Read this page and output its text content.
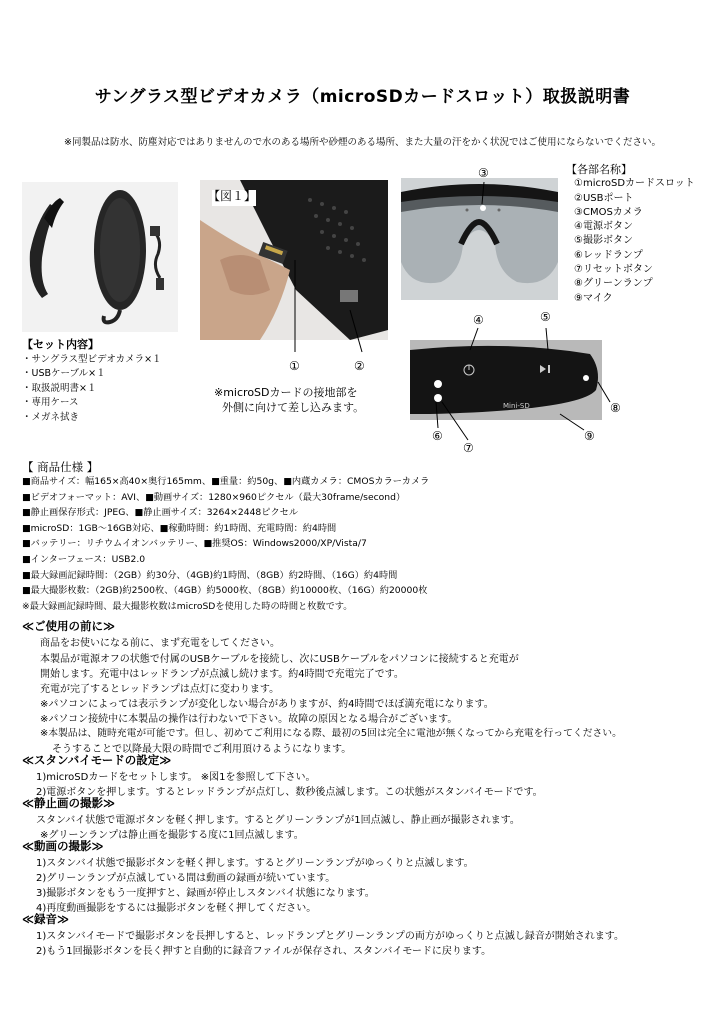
サングラス型ビデオカメラ（microSDカードスロット）取扱説明書
※同製品は防水、防塵対応ではありませんので水のある場所や砂煙のある場所、また大量の汗をかく状況ではご使用にならないでください。
【セット内容】
・サングラス型ビデオカメラ×１
・USBケーブル×１
・取扱説明書×１
・専用ケース
・メガネ拭き
【図１】
①	②
※microSDカードの接地部を
外側に向けて差し込みます。
③	【各部名称】
①microSDカードスロット
②USBポート
③CMOSカメラ
④電源ボタン
⑤撮影ボタン
⑥レッドランプ
⑦リセットボタン
⑧グリーンランプ
⑨マイク
Mini-SD
④	⑤
⑥
⑦
⑧
⑨
【 商品仕様 】
■商品サイズ：幅165×高40×奥行165mm、■重量：約50g、■内蔵カメラ：CMOSカラーカメラ
■ビデオフォーマット：AVI、■動画サイズ：1280×960ピクセル（最大30frame/second）
■静止画保存形式：JPEG、■静止画サイズ：3264×2448ピクセル
■microSD：1GB〜16GB対応、■稼動時間：約1時間、充電時間：約4時間
■バッテリー：リチウムイオンバッテリー、■推奨OS：Windows2000/XP/Vista/7
■インターフェース：USB2.0
■最大録画記録時間：（2GB）約30分、（4GB)約1時間、（8GB）約2時間、（16G）約4時間
■最大撮影枚数：（2GB)約2500枚、（4GB）約5000枚、（8GB）約10000枚、（16G）約20000枚
※最大録画記録時間、最大撮影枚数はmicroSDを使用した時の時間と枚数です。
≪ご使用の前に≫
商品をお使いになる前に、まず充電をしてください。
本製品が電源オフの状態で付属のUSBケーブルを接続し、次にUSBケーブルをパソコンに接続すると充電が
開始します。充電中はレッドランプが点滅し続けます。約4時間で充電完了です。
充電が完了するとレッドランプは点灯に変わります。
※パソコンによっては表示ランプが変化しない場合がありますが、約4時間でほぼ満充電になります。
※パソコン接続中に本製品の操作は行わないで下さい。故障の原因となる場合がございます。
※本製品は、随時充電が可能です。但し、初めてご利用になる際、最初の5回は完全に電池が無くなってから充電を行ってください。
そうすることで以降最大限の時間でご利用頂けるようになります。
≪スタンバイモードの設定≫
1)microSDカードをセットします。 ※図1を参照して下さい。
2)電源ボタンを押します。するとレッドランプが点灯し、数秒後点滅します。この状態がスタンバイモードです。
≪静止画の撮影≫
スタンバイ状態で電源ボタンを軽く押します。するとグリーンランプが1回点滅し、静止画が撮影されます。
※グリーンランプは静止画を撮影する度に1回点滅します。
≪動画の撮影≫
1)スタンバイ状態で撮影ボタンを軽く押します。するとグリーンランプがゆっくりと点滅します。
2)グリーンランプが点滅している間は動画の録画が続いています。
3)撮影ボタンをもう一度押すと、録画が停止しスタンバイ状態になります。
4)再度動画撮影をするには撮影ボタンを軽く押してください。
≪録音≫
1)スタンバイモードで撮影ボタンを長押しすると、レッドランプとグリーンランプの両方がゆっくりと点滅し録音が開始されます。
2)もう1回撮影ボタンを長く押すと自動的に録音ファイルが保存され、スタンバイモードに戻ります。
